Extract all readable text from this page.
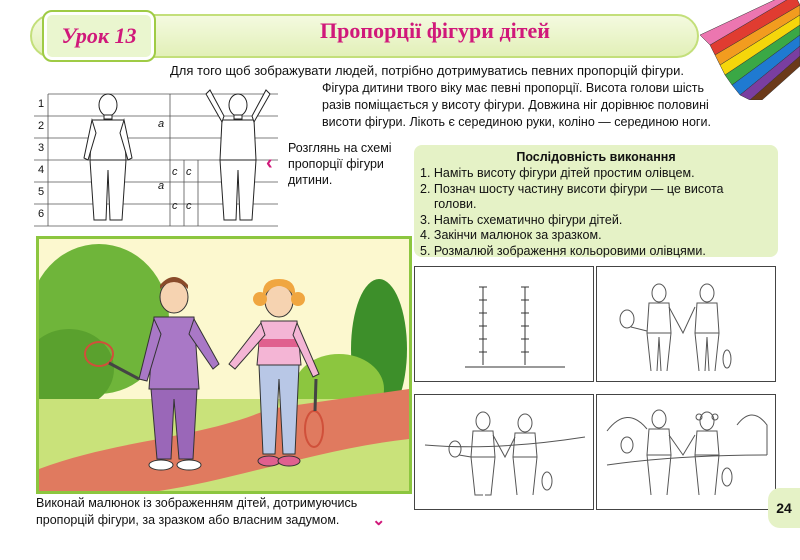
Урок 13	Пропорції фігури дітей
Для того щоб зображувати людей, потрібно дотримуватись певних пропорцій фігури.
Фігура дитини твого віку має певні пропорції. Висота голови шість
разів поміщається у висоту фігури. Довжина ніг дорівнює половині
висоти фігури. Лікоть є серединою руки, коліно — серединою ноги.
1
2
3
4
5
6
a
a
c c
c c
‹
Розглянь на схемі
пропорції фігури
дитини.
Послідовність виконання
1. Наміть висоту фігури дітей простим олівцем.
2. Познач шосту частину висоти фігури — це висота
голови.
3. Наміть схематично фігури дітей.
4. Закінчи малюнок за зразком.
5. Розмалюй зображення кольоровими олівцями.
Виконай малюнок із зображенням дітей, дотримуючись
пропорцій фігури, за зразком або власним задумом.	⌄
24
